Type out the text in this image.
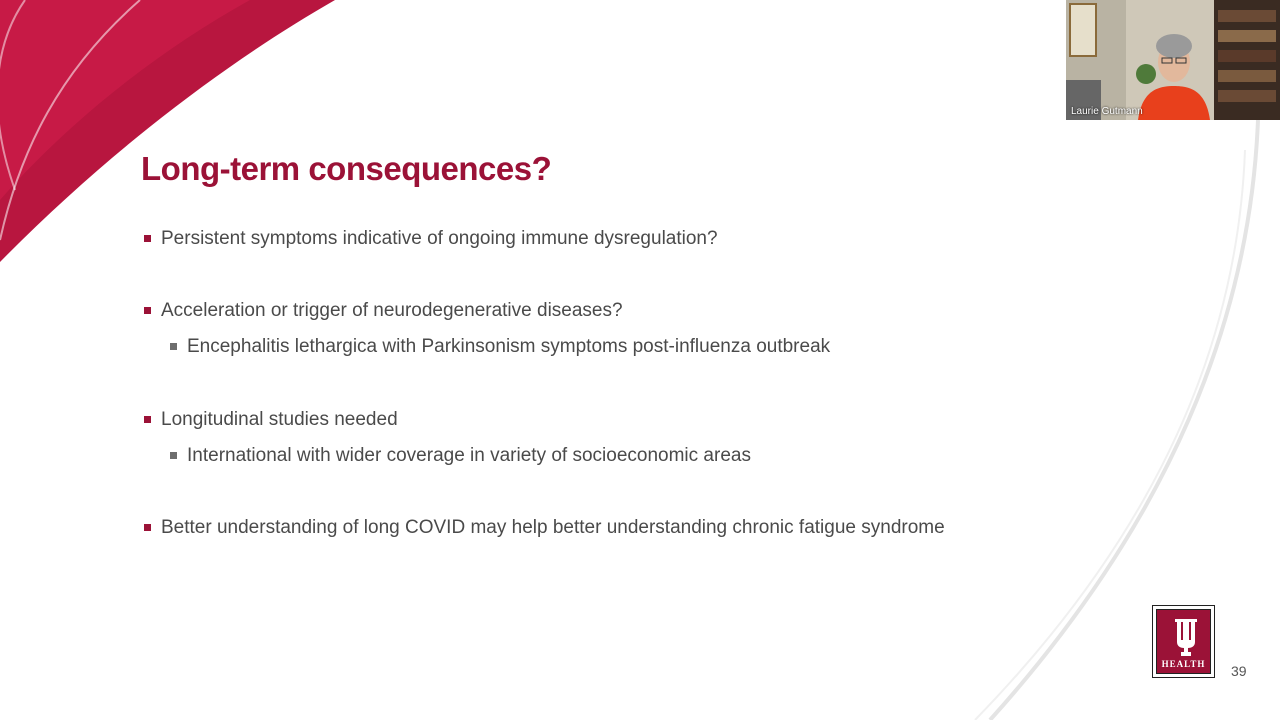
Long-term consequences?
Persistent symptoms indicative of ongoing immune dysregulation?
Acceleration or trigger of neurodegenerative diseases?
Encephalitis lethargica with Parkinsonism symptoms post-influenza outbreak
Longitudinal studies needed
International with wider coverage in variety of socioeconomic areas
Better understanding of long COVID may help better understanding chronic fatigue syndrome
HEALTH	39
Laurie Gutmann
